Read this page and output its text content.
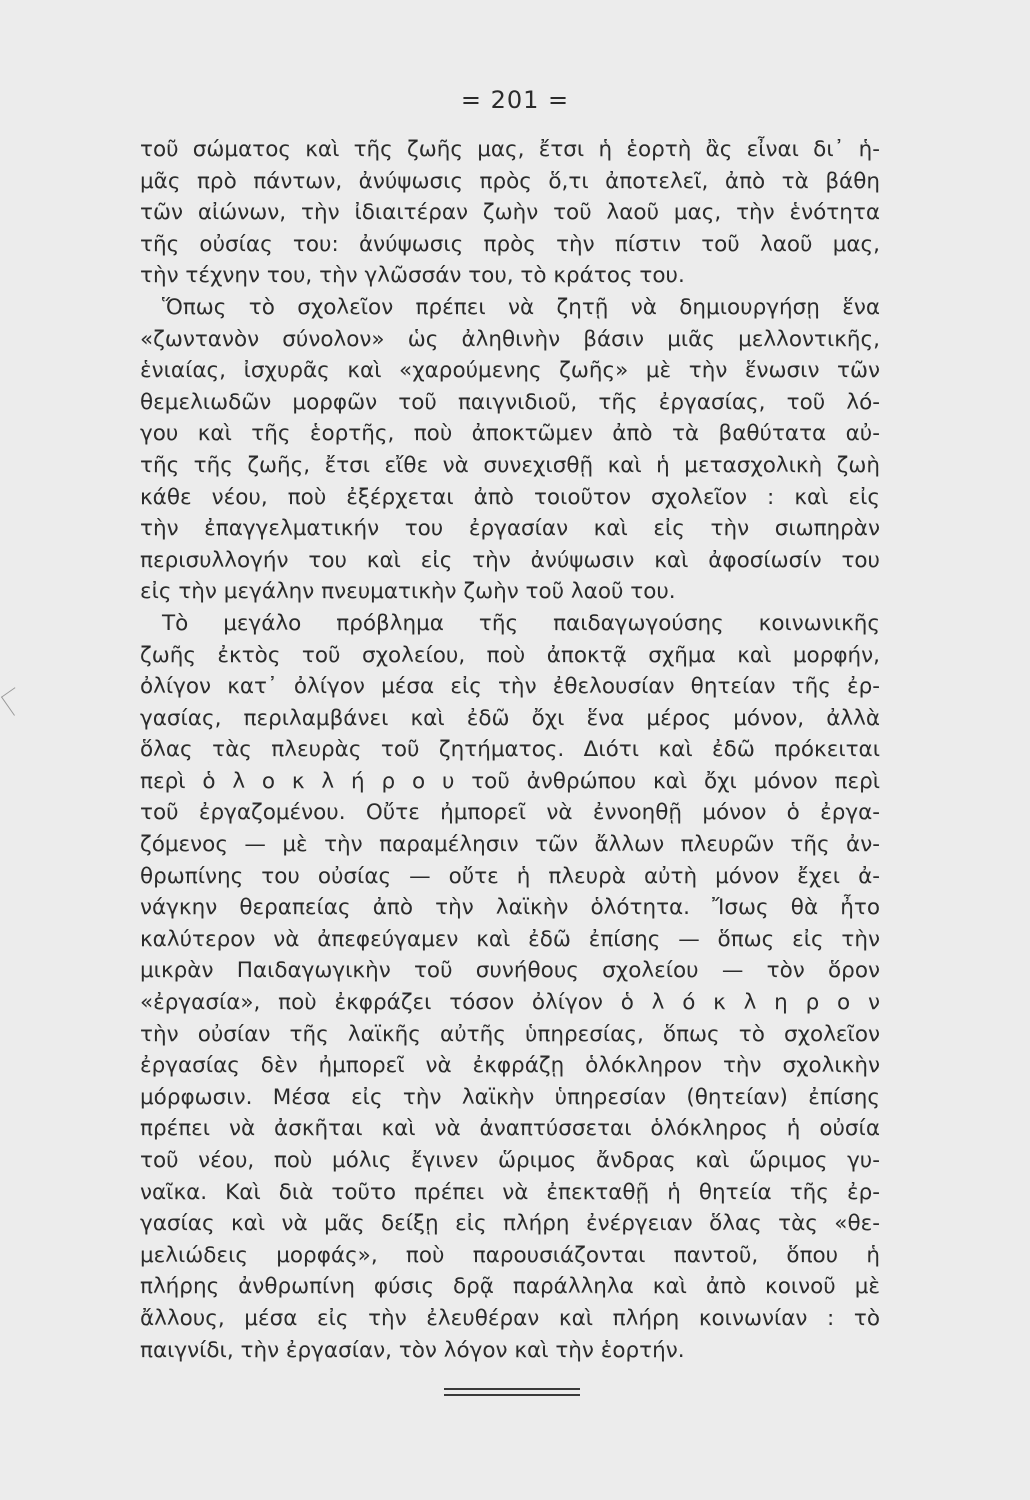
= 201 =
τοῦ σώματος καὶ τῆς ζωῆς μας, ἔτσι ἡ ἑορτὴ ἂς εἶναι δι᾽ ἡ-
μᾶς πρὸ πάντων, ἀνύψωσις πρὸς ὅ,τι ἀποτελεῖ, ἀπὸ τὰ βάθη
τῶν αἰώνων, τὴν ἰδιαιτέραν ζωὴν τοῦ λαοῦ μας, τὴν ἑνότητα
τῆς οὐσίας του: ἀνύψωσις πρὸς τὴν πίστιν τοῦ λαοῦ μας,
τὴν τέχνην του, τὴν γλῶσσάν του, τὸ κράτος του.
Ὅπως τὸ σχολεῖον πρέπει νὰ ζητῇ νὰ δημιουργήσῃ ἕνα
«ζωντανὸν σύνολον» ὡς ἀληθινὴν βάσιν μιᾶς μελλοντικῆς,
ἑνιαίας, ἰσχυρᾶς καὶ «χαρούμενης ζωῆς» μὲ τὴν ἕνωσιν τῶν
θεμελιωδῶν μορφῶν τοῦ παιγνιδιοῦ, τῆς ἐργασίας, τοῦ λό-
γου καὶ τῆς ἑορτῆς, ποὺ ἀποκτῶμεν ἀπὸ τὰ βαθύτατα αὐ-
τῆς τῆς ζωῆς, ἔτσι εἴθε νὰ συνεχισθῇ καὶ ἡ μετασχολικὴ ζωὴ
κάθε νέου, ποὺ ἐξέρχεται ἀπὸ τοιοῦτον σχολεῖον : καὶ εἰς
τὴν ἐπαγγελματικήν του ἐργασίαν καὶ εἰς τὴν σιωπηρὰν
περισυλλογήν του καὶ εἰς τὴν ἀνύψωσιν καὶ ἀφοσίωσίν του
εἰς τὴν μεγάλην πνευματικὴν ζωὴν τοῦ λαοῦ του.
Τὸ μεγάλο πρόβλημα τῆς παιδαγωγούσης κοινωνικῆς
ζωῆς ἐκτὸς τοῦ σχολείου, ποὺ ἀποκτᾷ σχῆμα καὶ μορφήν,
ὀλίγον κατ᾽ ὀλίγον μέσα εἰς τὴν ἐθελουσίαν θητείαν τῆς ἐρ-
γασίας, περιλαμβάνει καὶ ἐδῶ ὄχι ἕνα μέρος μόνον, ἀλλὰ
ὅλας τὰς πλευρὰς τοῦ ζητήματος. Διότι καὶ ἐδῶ πρόκειται
περὶ ὁ λ ο κ λ ή ρ ο υ τοῦ ἀνθρώπου καὶ ὄχι μόνον περὶ
τοῦ ἐργαζομένου. Οὔτε ἠμπορεῖ νὰ ἐννοηθῇ μόνον ὁ ἐργα-
ζόμενος — μὲ τὴν παραμέλησιν τῶν ἄλλων πλευρῶν τῆς ἀν-
θρωπίνης του οὐσίας — οὔτε ἡ πλευρὰ αὐτὴ μόνον ἔχει ἀ-
νάγκην θεραπείας ἀπὸ τὴν λαϊκὴν ὁλότητα. Ἴσως θὰ ἦτο
καλύτερον νὰ ἀπεφεύγαμεν καὶ ἐδῶ ἐπίσης — ὅπως εἰς τὴν
μικρὰν Παιδαγωγικὴν τοῦ συνήθους σχολείου — τὸν ὅρον
«ἐργασία», ποὺ ἐκφράζει τόσον ὀλίγον ὁ λ ό κ λ η ρ ο ν
τὴν οὐσίαν τῆς λαϊκῆς αὐτῆς ὑπηρεσίας, ὅπως τὸ σχολεῖον
ἐργασίας δὲν ἠμπορεῖ νὰ ἐκφράζῃ ὁλόκληρον τὴν σχολικὴν
μόρφωσιν. Μέσα εἰς τὴν λαϊκὴν ὑπηρεσίαν (θητείαν) ἐπίσης
πρέπει νὰ ἀσκῆται καὶ νὰ ἀναπτύσσεται ὁλόκληρος ἡ οὐσία
τοῦ νέου, ποὺ μόλις ἔγινεν ὥριμος ἄνδρας καὶ ὥριμος γυ-
ναῖκα. Καὶ διὰ τοῦτο πρέπει νὰ ἐπεκταθῇ ἡ θητεία τῆς ἐρ-
γασίας καὶ νὰ μᾶς δείξῃ εἰς πλήρη ἐνέργειαν ὅλας τὰς «θε-
μελιώδεις μορφάς», ποὺ παρουσιάζονται παντοῦ, ὅπου ἡ
πλήρης ἀνθρωπίνη φύσις δρᾷ παράλληλα καὶ ἀπὸ κοινοῦ μὲ
ἄλλους, μέσα εἰς τὴν ἐλευθέραν καὶ πλήρη κοινωνίαν : τὸ
παιγνίδι, τὴν ἐργασίαν, τὸν λόγον καὶ τὴν ἑορτήν.
